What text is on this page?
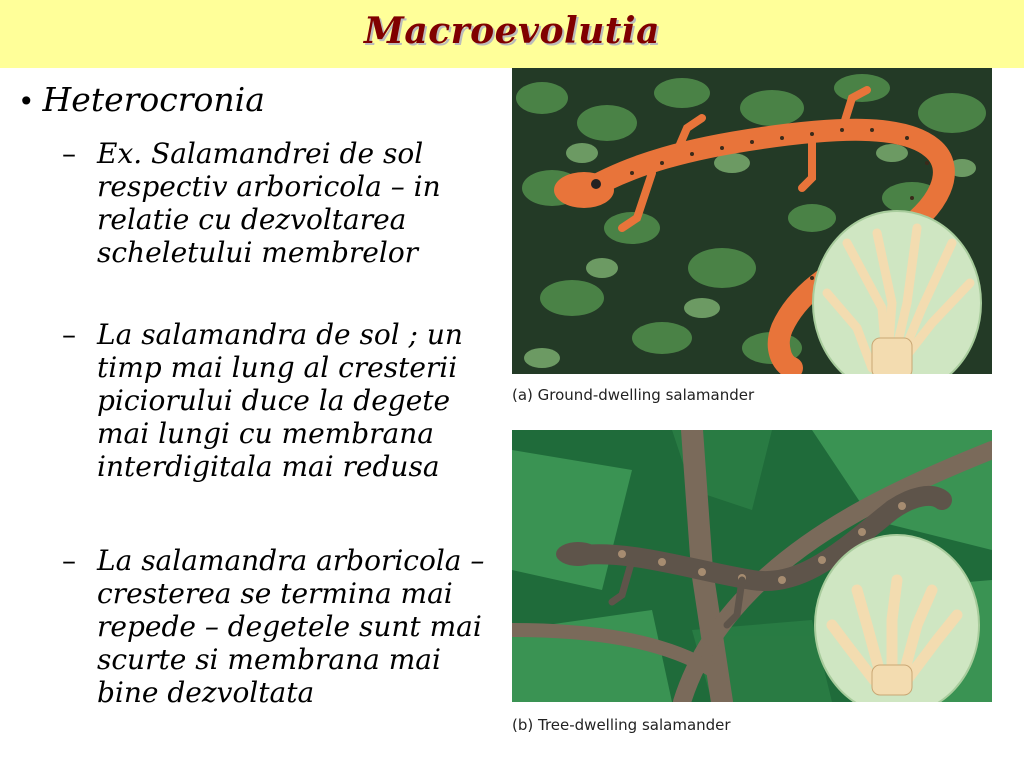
Macroevolutia
• Heterocronia
– Ex. Salamandrei de sol respectiv arboricola – in relatie cu dezvoltarea scheletului membrelor
– La salamandra de sol ; un timp mai lung al cresterii piciorului duce la degete mai lungi cu membrana interdigitala mai redusa
– La salamandra arboricola – cresterea se termina mai repede – degetele sunt mai scurte si membrana mai bine dezvoltata
(a) Ground-dwelling salamander
(b) Tree-dwelling salamander
